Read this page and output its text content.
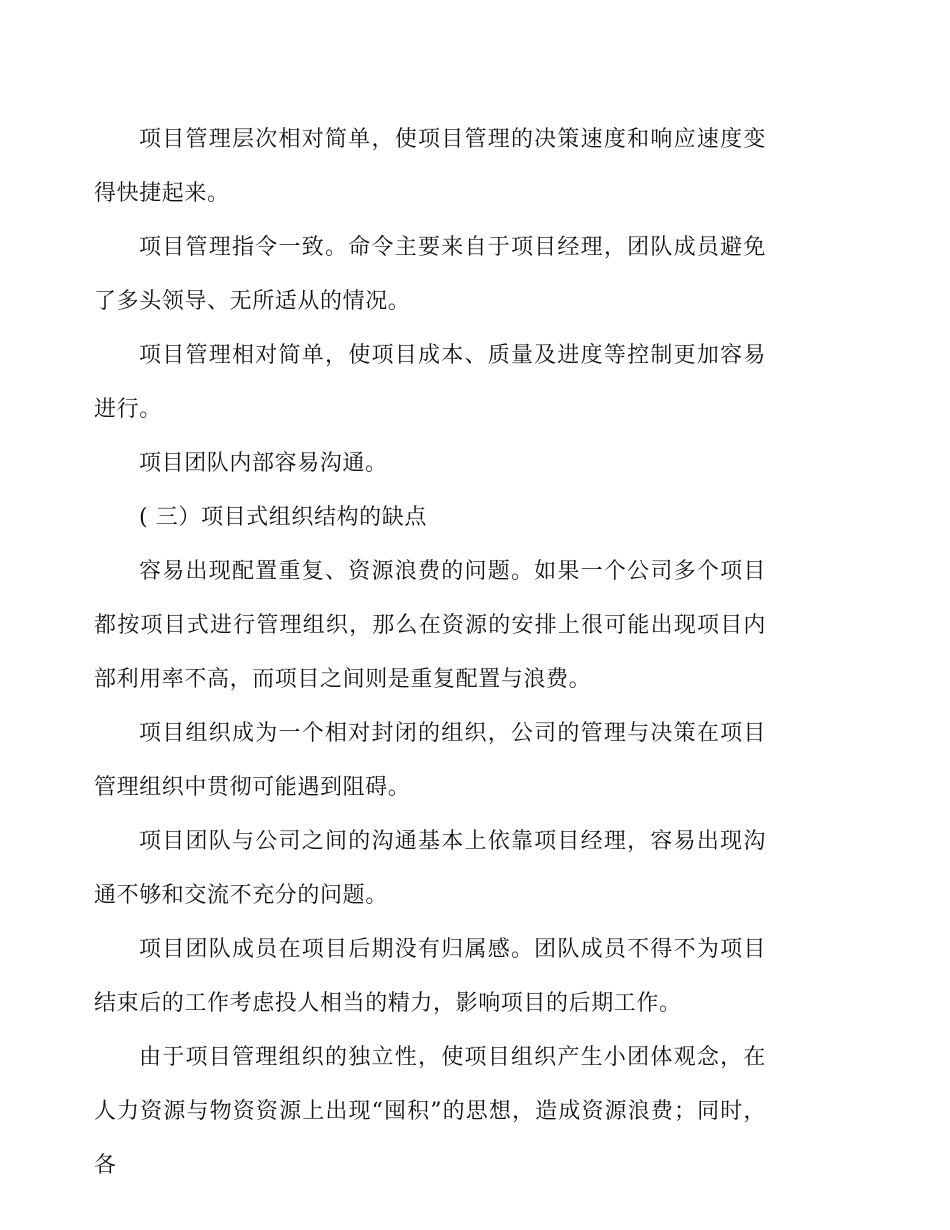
项目管理层次相对简单，使项目管理的决策速度和响应速度变得快捷起来。

项目管理指令一致。命令主要来自于项目经理，团队成员避免了多头领导、无所适从的情况。

项目管理相对简单，使项目成本、质量及进度等控制更加容易进行。

项目团队内部容易沟通。

( 三）项目式组织结构的缺点

容易出现配置重复、资源浪费的问题。如果一个公司多个项目都按项目式进行管理组织，那么在资源的安排上很可能出现项目内部利用率不高，而项目之间则是重复配置与浪费。

项目组织成为一个相对封闭的组织，公司的管理与决策在项目管理组织中贯彻可能遇到阻碍。

项目团队与公司之间的沟通基本上依靠项目经理，容易出现沟通不够和交流不充分的问题。

项目团队成员在项目后期没有归属感。团队成员不得不为项目结束后的工作考虑投人相当的精力，影响项目的后期工作。

由于项目管理组织的独立性，使项目组织产生小团体观念，在人力资源与物资资源上出现“囤积”的思想，造成资源浪费；同时，各
